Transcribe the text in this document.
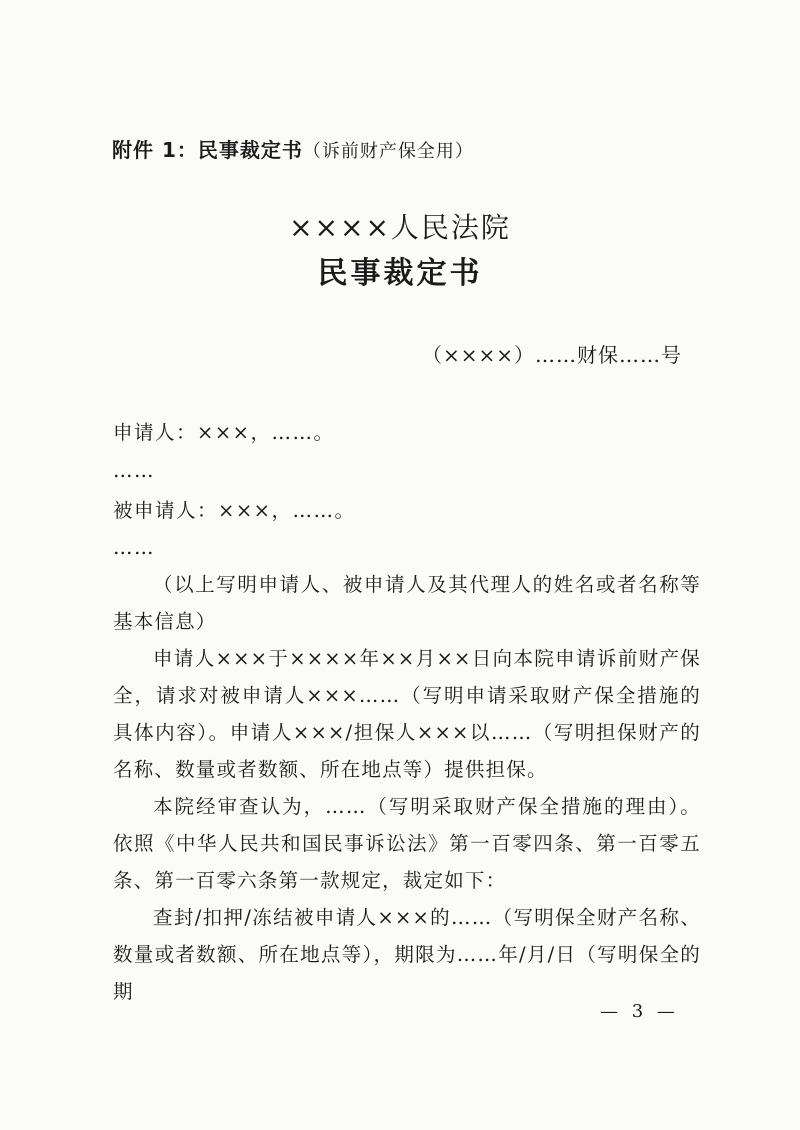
附件 1：民事裁定书（诉前财产保全用）
××××人民法院
民事裁定书
（××××）……财保……号
申请人：×××，……。
……
被申请人：×××，……。
……
（以上写明申请人、被申请人及其代理人的姓名或者名称等基本信息）
申请人×××于××××年××月××日向本院申请诉前财产保全，请求对被申请人×××……（写明申请采取财产保全措施的具体内容）。申请人×××/担保人×××以……（写明担保财产的名称、数量或者数额、所在地点等）提供担保。
本院经审查认为，……（写明采取财产保全措施的理由）。依照《中华人民共和国民事诉讼法》第一百零四条、第一百零五条、第一百零六条第一款规定，裁定如下：
查封/扣押/冻结被申请人×××的……（写明保全财产名称、数量或者数额、所在地点等），期限为……年/月/日（写明保全的期
— 3 —
